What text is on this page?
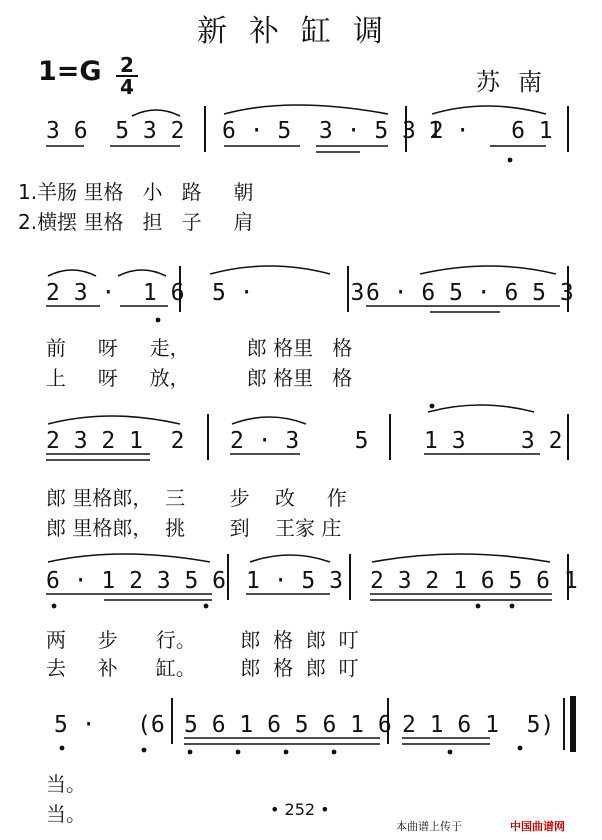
新补缸调
1=G 2
4	苏南
3 6  5 3 2 6 · 5  3 · 5 3 2
1 ·   6 1
1.羊肠 里格   小   路     朝
2.横摆 里格   担   子     肩
2 3 ·  1 6 5 ·       3 6 · 6 5 · 6 5 3
前     呀     走，         郎 格里   格
上     呀     放，         郎 格里   格
2 3 2 1  2 2 · 3    5 1 3    3 2
郎 里格郎，  三       步    改     作
郎 里格郎，  挑       到    王家 庄
6 · 1 2 3 5 6 1 · 5 3 2 3 2 1 6 5 6 1
两     步      行。       郎  格  郎  叮
去     补      缸。       郎  格  郎  叮
5 ·   (6 5 6 1 6 5 6 1 6 2 1 6 1  5)
当。
当。	• 252 •
本曲谱上传于	中国曲谱网
